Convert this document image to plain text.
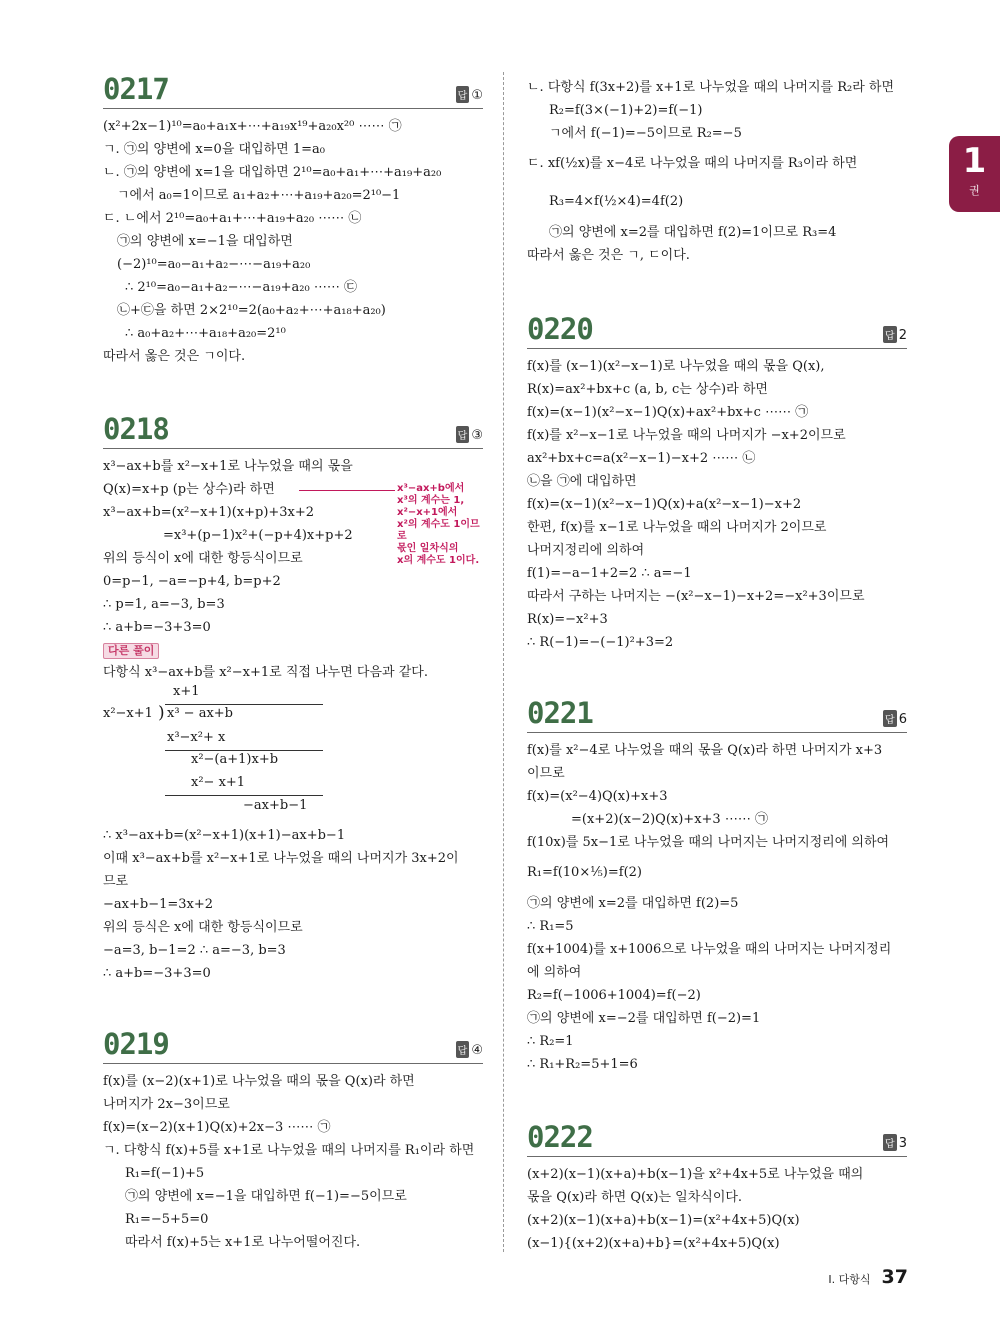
1
권
0217	답 ①
(x²+2x−1)¹⁰=a₀+a₁x+⋯+a₁₉x¹⁹+a₂₀x²⁰ ⋯⋯ ㉠
ㄱ. ㉠의 양변에 x=0을 대입하면 1=a₀
ㄴ. ㉠의 양변에 x=1을 대입하면 2¹⁰=a₀+a₁+⋯+a₁₉+a₂₀
ㄱ에서 a₀=1이므로 a₁+a₂+⋯+a₁₉+a₂₀=2¹⁰−1
ㄷ. ㄴ에서 2¹⁰=a₀+a₁+⋯+a₁₉+a₂₀ ⋯⋯ ㉡
㉠의 양변에 x=−1을 대입하면
(−2)¹⁰=a₀−a₁+a₂−⋯−a₁₉+a₂₀
∴ 2¹⁰=a₀−a₁+a₂−⋯−a₁₉+a₂₀ ⋯⋯ ㉢
㉡+㉢을 하면 2×2¹⁰=2(a₀+a₂+⋯+a₁₈+a₂₀)
∴ a₀+a₂+⋯+a₁₈+a₂₀=2¹⁰
따라서 옳은 것은 ㄱ이다.
0218	답 ③
x³−ax+b를 x²−x+1로 나누었을 때의 몫을
Q(x)=x+p (p는 상수)라 하면
x³−ax+b=(x²−x+1)(x+p)+3x+2
=x³+(p−1)x²+(−p+4)x+p+2
위의 등식이 x에 대한 항등식이므로
0=p−1, −a=−p+4, b=p+2
∴ p=1, a=−3, b=3
∴ a+b=−3+3=0
x³−ax+b에서
x³의 계수는 1,
x²−x+1에서
x²의 계수도 1이므로
몫인 일차식의
x의 계수도 1이다.
다른 풀이
다항식 x³−ax+b를 x²−x+1로 직접 나누면 다음과 같다.
x+1
x²−x+1 ) x³ − ax+b
x³−x²+ x
x²−(a+1)x+b
x²− x+1
−ax+b−1
∴ x³−ax+b=(x²−x+1)(x+1)−ax+b−1
이때 x³−ax+b를 x²−x+1로 나누었을 때의 나머지가 3x+2이
므로
−ax+b−1=3x+2
위의 등식은 x에 대한 항등식이므로
−a=3, b−1=2 ∴ a=−3, b=3
∴ a+b=−3+3=0
0219	답 ④
f(x)를 (x−2)(x+1)로 나누었을 때의 몫을 Q(x)라 하면
나머지가 2x−3이므로
f(x)=(x−2)(x+1)Q(x)+2x−3 ⋯⋯ ㉠
ㄱ. 다항식 f(x)+5를 x+1로 나누었을 때의 나머지를 R₁이라 하면
R₁=f(−1)+5
㉠의 양변에 x=−1을 대입하면 f(−1)=−5이므로
R₁=−5+5=0
따라서 f(x)+5는 x+1로 나누어떨어진다.
ㄴ. 다항식 f(3x+2)를 x+1로 나누었을 때의 나머지를 R₂라 하면
R₂=f(3×(−1)+2)=f(−1)
ㄱ에서 f(−1)=−5이므로 R₂=−5
ㄷ. xf(½x)를 x−4로 나누었을 때의 나머지를 R₃이라 하면
R₃=4×f(½×4)=4f(2)
㉠의 양변에 x=2를 대입하면 f(2)=1이므로 R₃=4
따라서 옳은 것은 ㄱ, ㄷ이다.
0220	답 2
f(x)를 (x−1)(x²−x−1)로 나누었을 때의 몫을 Q(x),
R(x)=ax²+bx+c (a, b, c는 상수)라 하면
f(x)=(x−1)(x²−x−1)Q(x)+ax²+bx+c ⋯⋯ ㉠
f(x)를 x²−x−1로 나누었을 때의 나머지가 −x+2이므로
ax²+bx+c=a(x²−x−1)−x+2 ⋯⋯ ㉡
㉡을 ㉠에 대입하면
f(x)=(x−1)(x²−x−1)Q(x)+a(x²−x−1)−x+2
한편, f(x)를 x−1로 나누었을 때의 나머지가 2이므로
나머지정리에 의하여
f(1)=−a−1+2=2 ∴ a=−1
따라서 구하는 나머지는 −(x²−x−1)−x+2=−x²+3이므로
R(x)=−x²+3
∴ R(−1)=−(−1)²+3=2
0221	답 6
f(x)를 x²−4로 나누었을 때의 몫을 Q(x)라 하면 나머지가 x+3
이므로
f(x)=(x²−4)Q(x)+x+3
=(x+2)(x−2)Q(x)+x+3 ⋯⋯ ㉠
f(10x)를 5x−1로 나누었을 때의 나머지는 나머지정리에 의하여
R₁=f(10×⅕)=f(2)
㉠의 양변에 x=2를 대입하면 f(2)=5
∴ R₁=5
f(x+1004)를 x+1006으로 나누었을 때의 나머지는 나머지정리
에 의하여
R₂=f(−1006+1004)=f(−2)
㉠의 양변에 x=−2를 대입하면 f(−2)=1
∴ R₂=1
∴ R₁+R₂=5+1=6
0222	답 3
(x+2)(x−1)(x+a)+b(x−1)을 x²+4x+5로 나누었을 때의
몫을 Q(x)라 하면 Q(x)는 일차식이다.
(x+2)(x−1)(x+a)+b(x−1)=(x²+4x+5)Q(x)
(x−1){(x+2)(x+a)+b}=(x²+4x+5)Q(x)
Ⅰ. 다항식 37
